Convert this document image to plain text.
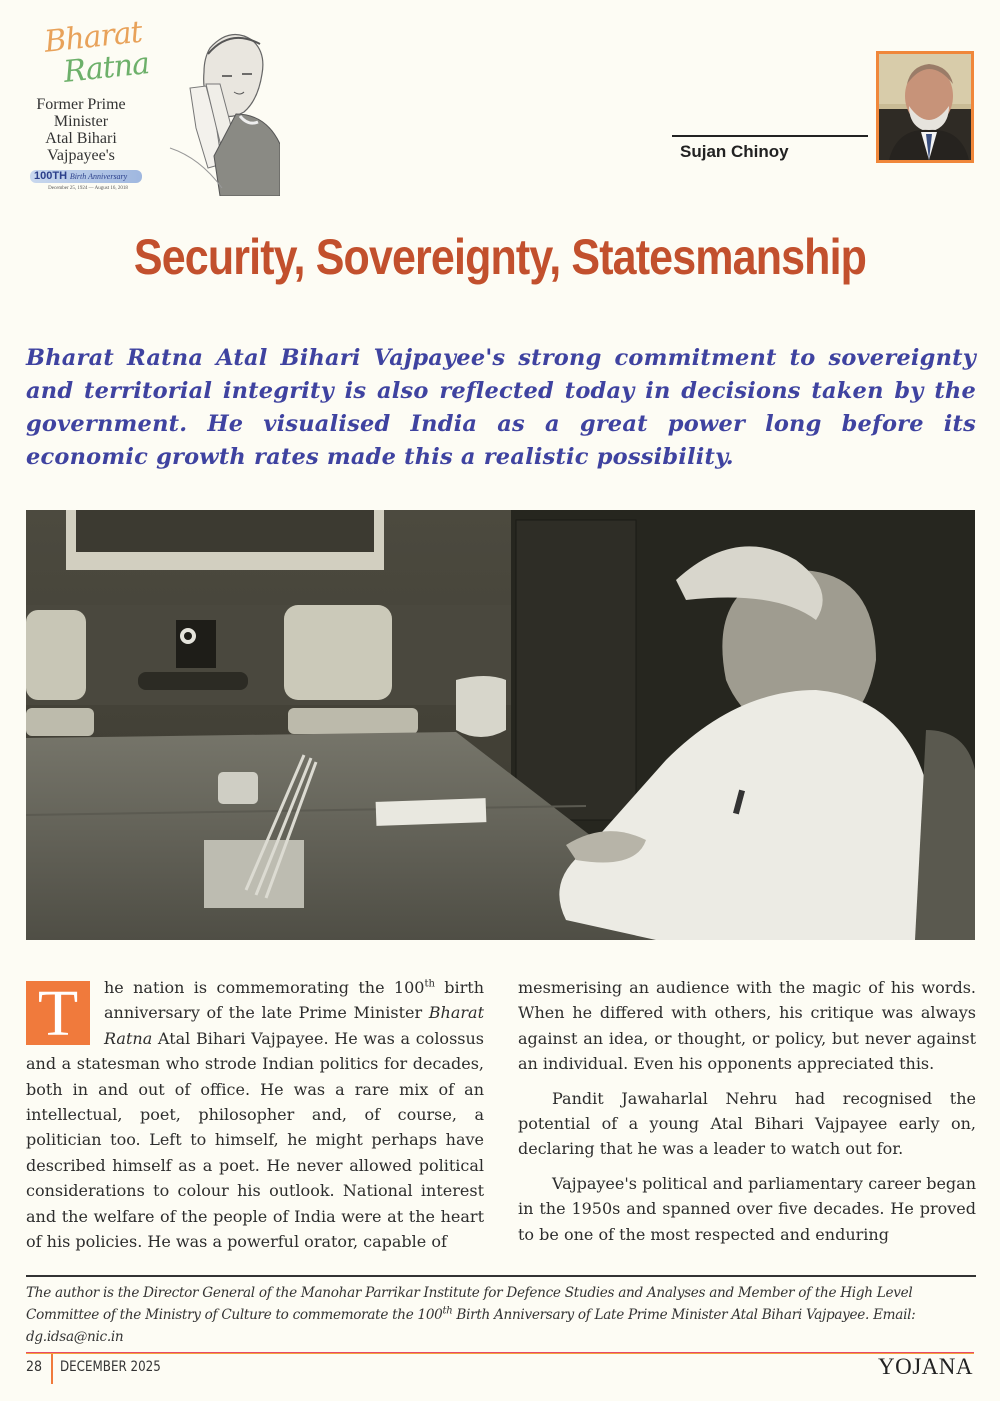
Bharat
Ratna
Former Prime
Minister
Atal Bihari
Vajpayee's
100TH Birth Anniversary
December 25, 1924 — August 16, 2018
Sujan Chinoy
Security, Sovereignty, Statesmanship

Bharat Ratna Atal Bihari Vajpayee's strong commitment to sovereignty and territorial integrity is also reflected today in decisions taken by the government. He visualised India as a great power long before its economic growth rates made this a realistic possibility.

T	he nation is commemorating the 100th birth anniversary of the late Prime Minister Bharat Ratna Atal Bihari Vajpayee. He was a colossus and a statesman who strode Indian politics for decades, both in and out of office. He was a rare mix of an intellectual, poet, philosopher and, of course, a politician too. Left to himself, he might perhaps have described himself as a poet. He never allowed political considerations to colour his outlook. National interest and the welfare of the people of India were at the heart of his policies. He was a powerful orator, capable of

mesmerising an audience with the magic of his words. When he differed with others, his critique was always against an idea, or thought, or policy, but never against an individual. Even his opponents appreciated this.

Pandit Jawaharlal Nehru had recognised the potential of a young Atal Bihari Vajpayee early on, declaring that he was a leader to watch out for.

Vajpayee's political and parliamentary career began in the 1950s and spanned over five decades. He proved to be one of the most respected and enduring

The author is the Director General of the Manohar Parrikar Institute for Defence Studies and Analyses and Member of the High Level Committee of the Ministry of Culture to commemorate the 100th Birth Anniversary of Late Prime Minister Atal Bihari Vajpayee. Email: dg.idsa@nic.in
28 DECEMBER 2025	YOJANA
